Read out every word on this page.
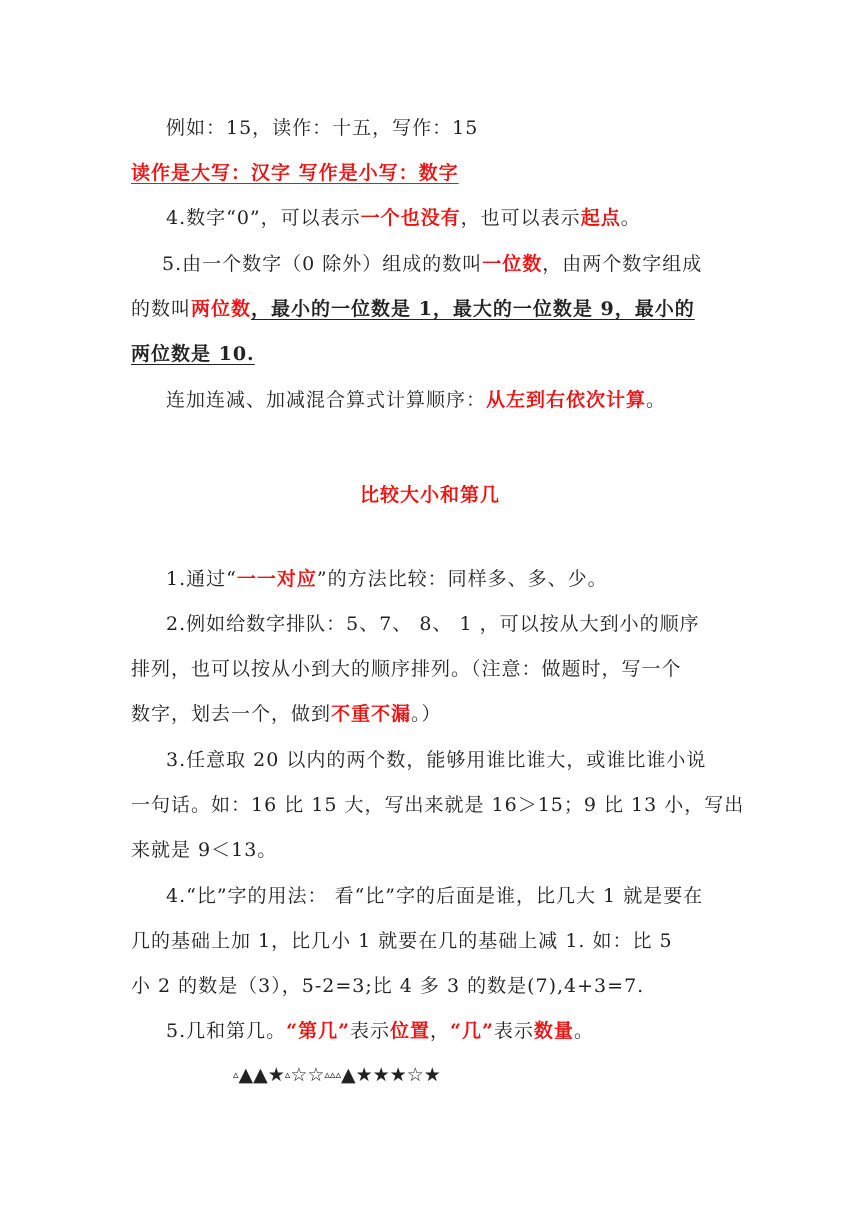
例如：15，读作：十五，写作：15
读作是大写：汉字 写作是小写：数字
4.数字“0”，可以表示一个也没有，也可以表示起点。
5.由一个数字（0 除外）组成的数叫一位数，由两个数字组成
的数叫两位数，最小的一位数是 1，最大的一位数是 9，最小的
两位数是 10.
连加连减、加减混合算式计算顺序：从左到右依次计算。
比较大小和第几
1.通过“一一对应”的方法比较：同样多、多、少。
2.例如给数字排队：5、7、 8、 1 ，可以按从大到小的顺序
排列，也可以按从小到大的顺序排列。（注意：做题时，写一个
数字，划去一个，做到不重不漏。）
3.任意取 20 以内的两个数，能够用谁比谁大，或谁比谁小说
一句话。如：16 比 15 大，写出来就是 16＞15；9 比 13 小，写出
来就是 9＜13。
4.“比”字的用法： 看“比”字的后面是谁，比几大 1 就是要在
几的基础上加 1，比几小 1 就要在几的基础上减 1. 如：比 5
小 2 的数是（3），5-2=3;比 4 多 3 的数是(7),4+3=7.
5.几和第几。“第几”表示位置，“几”表示数量。
▵▲▲★▵☆☆▵▵▵▲★★★☆★
